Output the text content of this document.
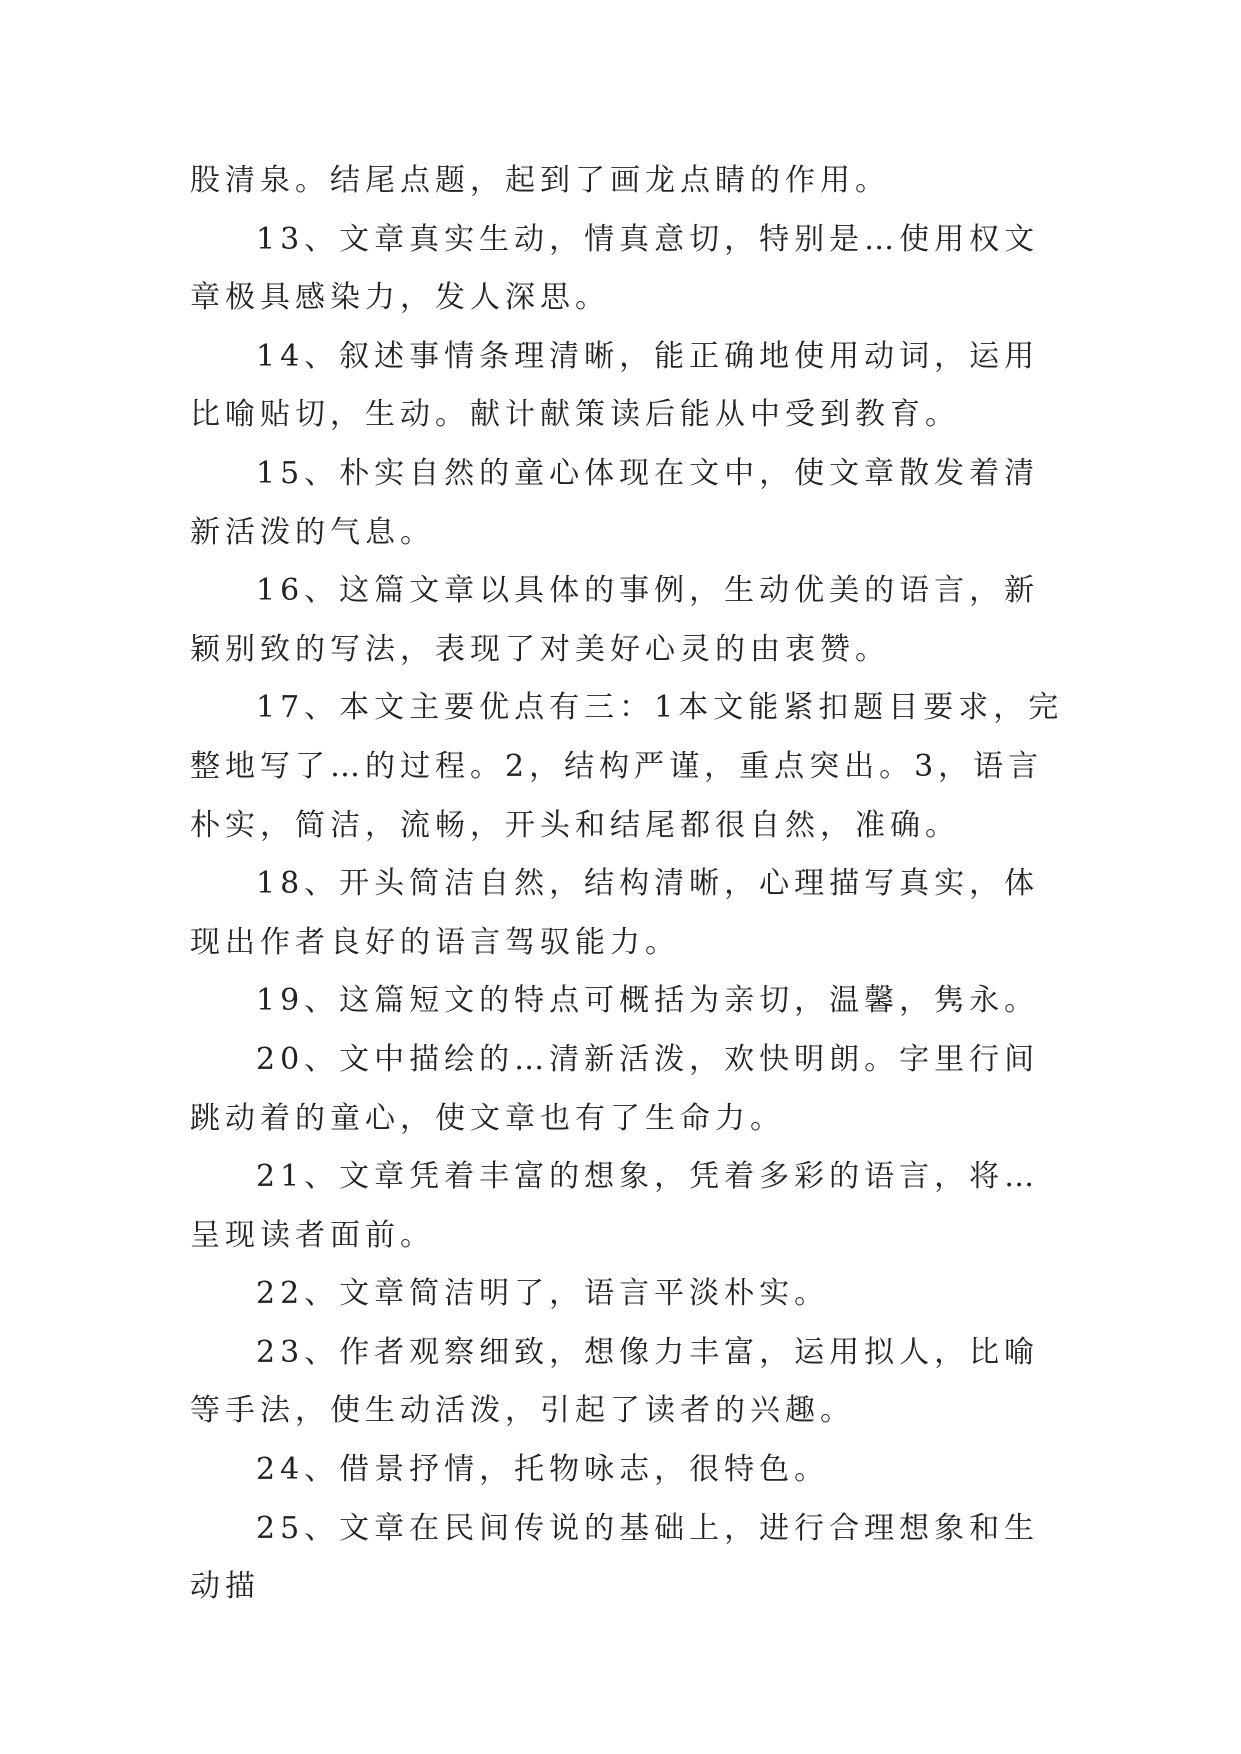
股清泉。结尾点题，起到了画龙点睛的作用。

13、文章真实生动，情真意切，特别是…使用权文章极具感染力，发人深思。

14、叙述事情条理清晰，能正确地使用动词，运用比喻贴切，生动。献计献策读后能从中受到教育。

15、朴实自然的童心体现在文中，使文章散发着清新活泼的气息。

16、这篇文章以具体的事例，生动优美的语言，新颖别致的写法，表现了对美好心灵的由衷赞。

17、本文主要优点有三：1本文能紧扣题目要求，完整地写了…的过程。2，结构严谨，重点突出。3，语言朴实，简洁，流畅，开头和结尾都很自然，准确。

18、开头简洁自然，结构清晰，心理描写真实，体现出作者良好的语言驾驭能力。

19、这篇短文的特点可概括为亲切，温馨，隽永。

20、文中描绘的…清新活泼，欢快明朗。字里行间跳动着的童心，使文章也有了生命力。

21、文章凭着丰富的想象，凭着多彩的语言，将…呈现读者面前。

22、文章简洁明了，语言平淡朴实。

23、作者观察细致，想像力丰富，运用拟人，比喻等手法，使生动活泼，引起了读者的兴趣。

24、借景抒情，托物咏志，很特色。

25、文章在民间传说的基础上，进行合理想象和生动描
